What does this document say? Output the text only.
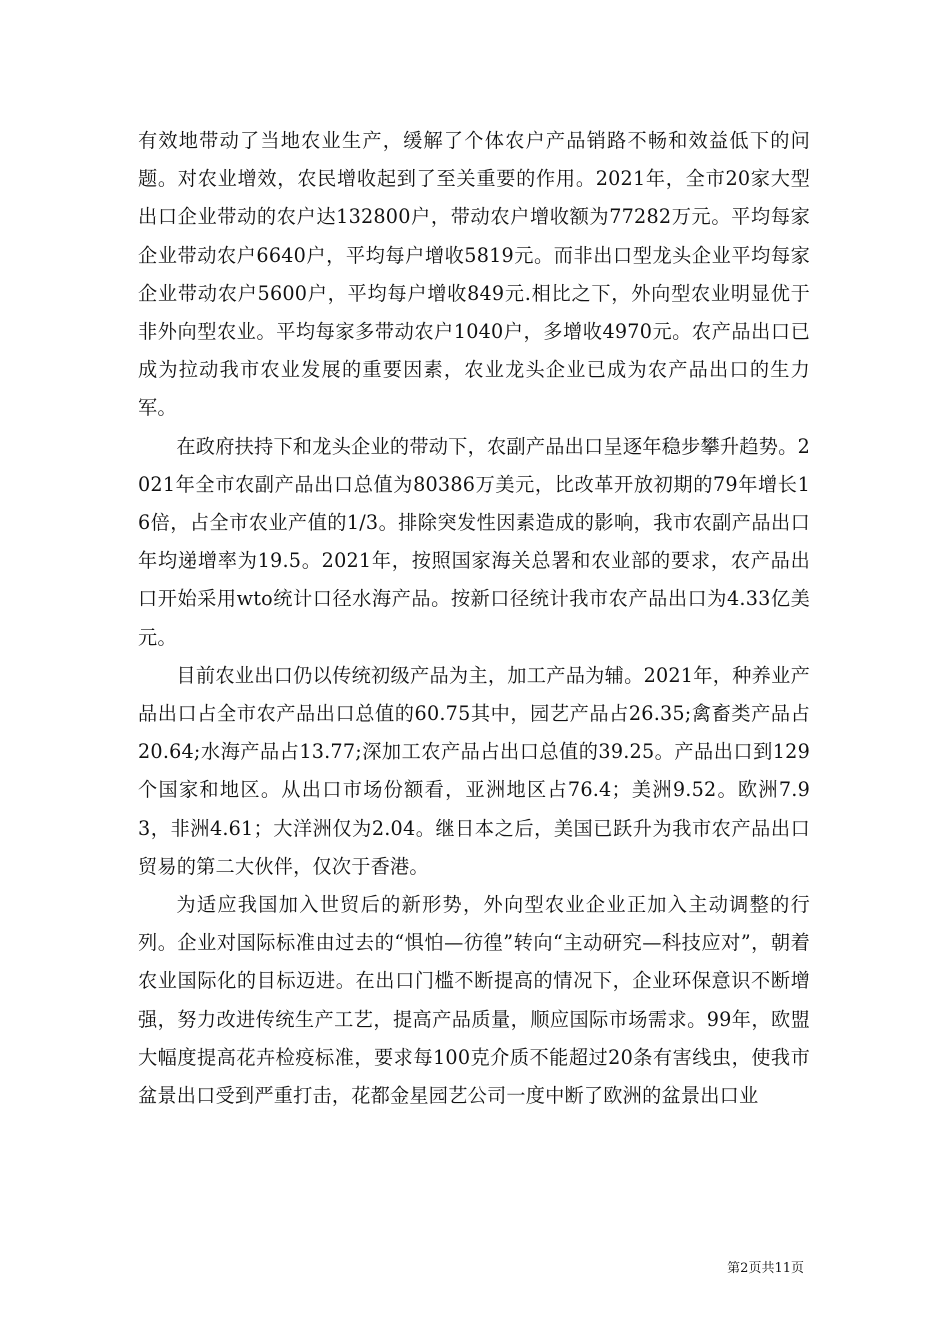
有效地带动了当地农业生产，缓解了个体农户产品销路不畅和效益低下的问题。对农业增效，农民增收起到了至关重要的作用。2021年，全市20家大型出口企业带动的农户达132800户，带动农户增收额为77282万元。平均每家企业带动农户6640户，平均每户增收5819元。而非出口型龙头企业平均每家企业带动农户5600户，平均每户增收849元.相比之下，外向型农业明显优于非外向型农业。平均每家多带动农户1040户，多增收4970元。农产品出口已成为拉动我市农业发展的重要因素，农业龙头企业已成为农产品出口的生力军。

在政府扶持下和龙头企业的带动下，农副产品出口呈逐年稳步攀升趋势。2021年全市农副产品出口总值为80386万美元，比改革开放初期的79年增长16倍，占全市农业产值的1/3。排除突发性因素造成的影响，我市农副产品出口年均递增率为19.5。2021年，按照国家海关总署和农业部的要求，农产品出口开始采用wto统计口径水海产品。按新口径统计我市农产品出口为4.33亿美元。

目前农业出口仍以传统初级产品为主，加工产品为辅。2021年，种养业产品出口占全市农产品出口总值的60.75其中，园艺产品占26.35;禽畜类产品占20.64;水海产品占13.77;深加工农产品占出口总值的39.25。产品出口到129个国家和地区。从出口市场份额看，亚洲地区占76.4；美洲9.52。欧洲7.93，非洲4.61；大洋洲仅为2.04。继日本之后，美国已跃升为我市农产品出口贸易的第二大伙伴，仅次于香港。

为适应我国加入世贸后的新形势，外向型农业企业正加入主动调整的行列。企业对国际标准由过去的“惧怕—彷徨”转向“主动研究—科技应对”，朝着农业国际化的目标迈进。在出口门槛不断提高的情况下，企业环保意识不断增强，努力改进传统生产工艺，提高产品质量，顺应国际市场需求。99年，欧盟大幅度提高花卉检疫标准，要求每100克介质不能超过20条有害线虫，使我市盆景出口受到严重打击，花都金星园艺公司一度中断了欧洲的盆景出口业

第2页共11页
